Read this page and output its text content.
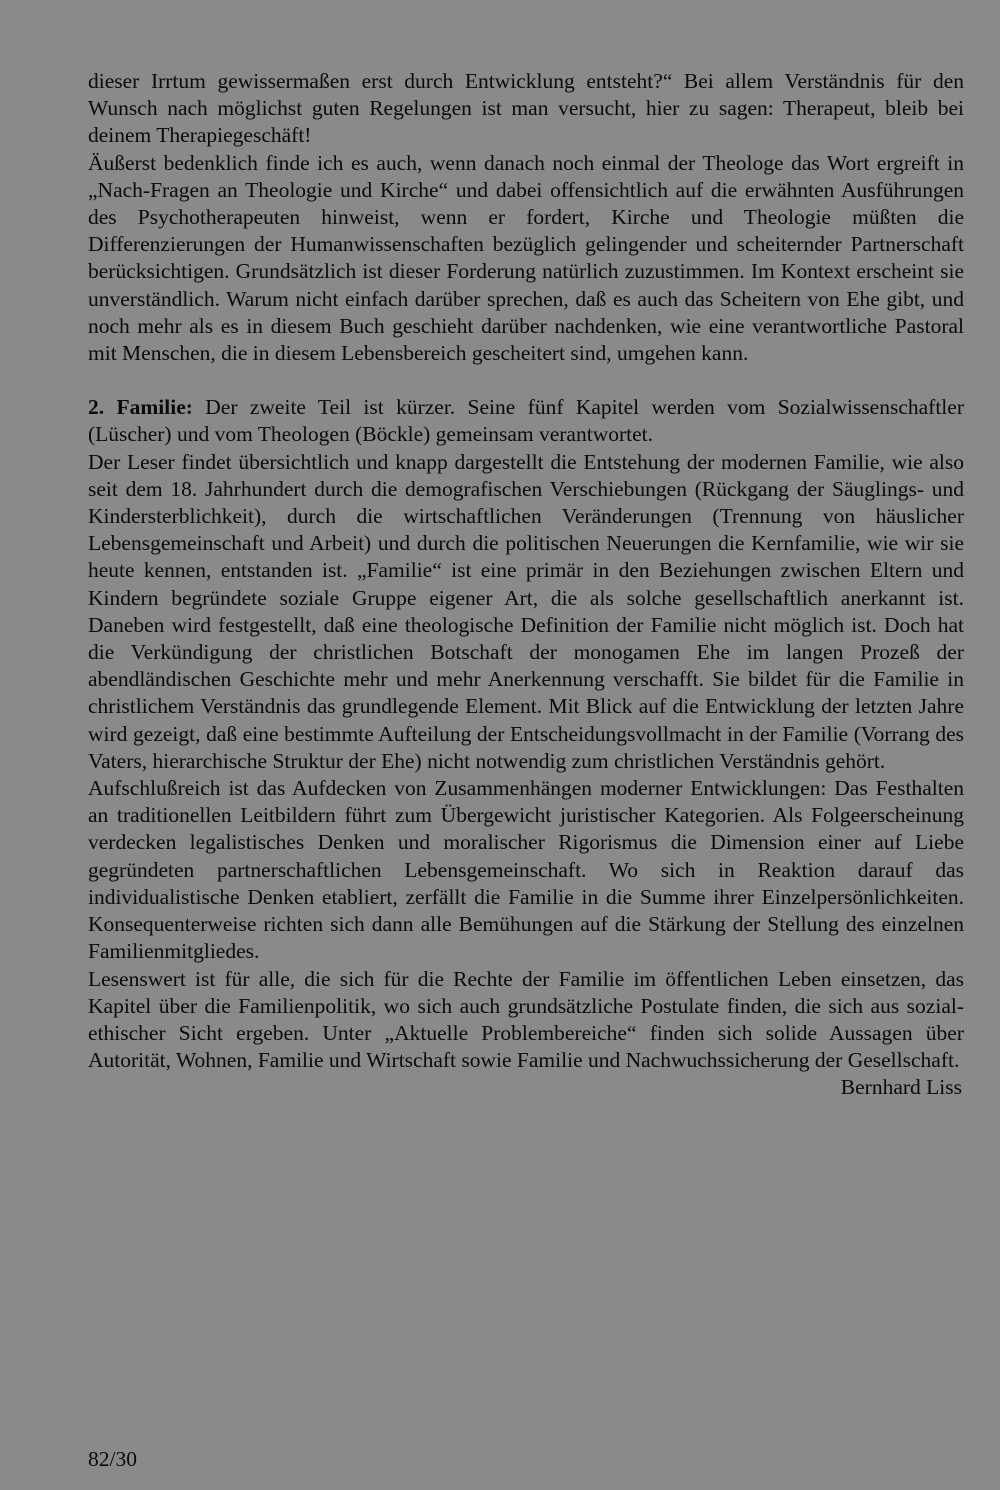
dieser Irrtum gewissermaßen erst durch Entwicklung entsteht?“ Bei allem Verständnis für den Wunsch nach möglichst guten Regelungen ist man versucht, hier zu sagen: Therapeut, bleib bei deinem Therapiegeschäft!

Äußerst bedenklich finde ich es auch, wenn danach noch einmal der Theologe das Wort ergreift in „Nach-Fragen an Theologie und Kirche“ und dabei offensichtlich auf die erwähnten Ausführungen des Psychotherapeuten hinweist, wenn er fordert, Kirche und Theologie müßten die Differenzierungen der Humanwissenschaften bezüglich gelingender und scheiternder Partnerschaft berücksichtigen. Grundsätzlich ist dieser Forderung natürlich zuzustimmen. Im Kontext erscheint sie unverständlich. Warum nicht einfach darüber sprechen, daß es auch das Scheitern von Ehe gibt, und noch mehr als es in diesem Buch geschieht darüber nachdenken, wie eine verantwortliche Pastoral mit Menschen, die in diesem Lebensbereich gescheitert sind, umgehen kann.

2. Familie: Der zweite Teil ist kürzer. Seine fünf Kapitel werden vom Sozialwissenschaftler (Lüscher) und vom Theologen (Böckle) gemeinsam verantwortet.

Der Leser findet übersichtlich und knapp dargestellt die Entstehung der modernen Familie, wie also seit dem 18. Jahrhundert durch die demografischen Verschiebungen (Rückgang der Säuglings- und Kindersterblichkeit), durch die wirtschaftlichen Veränderungen (Trennung von häuslicher Lebensgemeinschaft und Arbeit) und durch die politischen Neuerungen die Kernfamilie, wie wir sie heute kennen, entstanden ist. „Familie“ ist eine primär in den Beziehungen zwischen Eltern und Kindern begründete soziale Gruppe eigener Art, die als solche gesellschaftlich anerkannt ist. Daneben wird festgestellt, daß eine theologische Definition der Familie nicht möglich ist. Doch hat die Verkündigung der christlichen Botschaft der monogamen Ehe im langen Prozeß der abendländischen Geschichte mehr und mehr Anerkennung verschafft. Sie bildet für die Familie in christlichem Verständnis das grundlegende Element. Mit Blick auf die Entwicklung der letzten Jahre wird gezeigt, daß eine bestimmte Aufteilung der Entscheidungsvollmacht in der Familie (Vorrang des Vaters, hierarchische Struktur der Ehe) nicht notwendig zum christlichen Verständnis gehört.

Aufschlußreich ist das Aufdecken von Zusammenhängen moderner Entwicklungen: Das Festhalten an traditionellen Leitbildern führt zum Übergewicht juristischer Kategorien. Als Folgeerscheinung verdecken legalistisches Denken und moralischer Rigorismus die Dimension einer auf Liebe gegründeten partnerschaftlichen Lebensgemeinschaft. Wo sich in Reaktion darauf das individualistische Denken etabliert, zerfällt die Familie in die Summe ihrer Einzelpersönlichkeiten. Konsequenterweise richten sich dann alle Bemühungen auf die Stärkung der Stellung des einzelnen Familienmitgliedes.

Lesenswert ist für alle, die sich für die Rechte der Familie im öffentlichen Leben einsetzen, das Kapitel über die Familienpolitik, wo sich auch grundsätzliche Postulate finden, die sich aus sozial-ethischer Sicht ergeben. Unter „Aktuelle Problembereiche“ finden sich solide Aussagen über Autorität, Wohnen, Familie und Wirtschaft sowie Familie und Nachwuchssicherung der Gesellschaft.

Bernhard Liss

82/30
